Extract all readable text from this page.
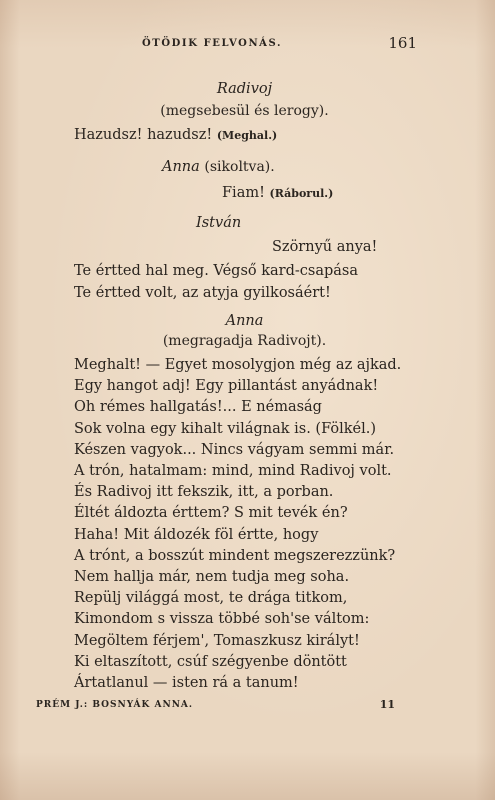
ÖTÖDIK FELVONÁS.	161
Radivoj
(megsebesül és lerogy).
Hazudsz! hazudsz! (Meghal.)
Anna (sikoltva).
Fiam! (Ráborul.)
István
Szörnyű anya!
Te értted hal meg. Végső kard-csapása
Te értted volt, az atyja gyilkosáért!
Anna
(megragadja Radivojt).
Meghalt! — Egyet mosolygjon még az ajkad.
Egy hangot adj! Egy pillantást anyádnak!
Oh rémes hallgatás!... E némaság
Sok volna egy kihalt világnak is. (Fölkél.)
Készen vagyok... Nincs vágyam semmi már.
A trón, hatalmam: mind, mind Radivoj volt.
És Radivoj itt fekszik, itt, a porban.
Éltét áldozta érttem? S mit tevék én?
Haha! Mit áldozék föl értte, hogy
A trónt, a bosszút mindent megszerezzünk?
Nem hallja már, nem tudja meg soha.
Repülj világgá most, te drága titkom,
Kimondom s vissza többé soh'se váltom:
Megöltem férjem', Tomaszkusz királyt!
Ki eltaszított, csúf szégyenbe döntött
Ártatlanul — isten rá a tanum!
PRÉM J.: BOSNYÁK ANNA.	11
